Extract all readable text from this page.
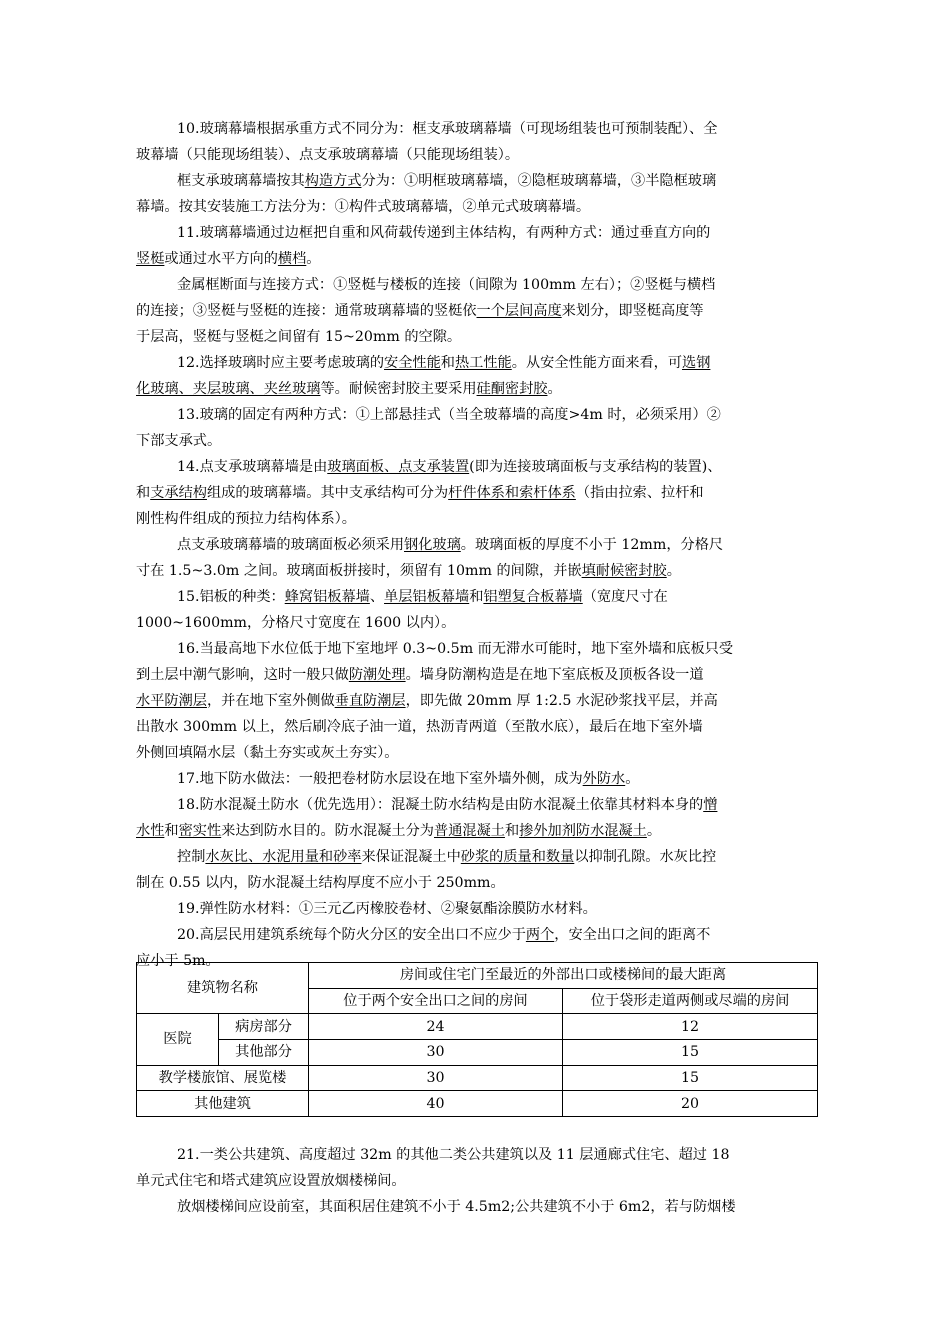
10.玻璃幕墙根据承重方式不同分为：框支承玻璃幕墙（可现场组装也可预制装配）、全

玻幕墙（只能现场组装）、点支承玻璃幕墙（只能现场组装）。

框支承玻璃幕墙按其构造方式分为：①明框玻璃幕墙，②隐框玻璃幕墙，③半隐框玻璃

幕墙。按其安装施工方法分为：①构件式玻璃幕墙，②单元式玻璃幕墙。

11.玻璃幕墙通过边框把自重和风荷载传递到主体结构，有两种方式：通过垂直方向的

竖梃或通过水平方向的横档。

金属框断面与连接方式：①竖梃与楼板的连接（间隙为 100mm 左右）；②竖梃与横档

的连接；③竖梃与竖梃的连接：通常玻璃幕墙的竖梃依一个层间高度来划分，即竖梃高度等

于层高，竖梃与竖梃之间留有 15~20mm 的空隙。

12.选择玻璃时应主要考虑玻璃的安全性能和热工性能。从安全性能方面来看，可选钢

化玻璃、夹层玻璃、夹丝玻璃等。耐候密封胶主要采用硅酮密封胶。

13.玻璃的固定有两种方式：①上部悬挂式（当全玻幕墙的高度>4m 时，必须采用）②

下部支承式。

14.点支承玻璃幕墙是由玻璃面板、点支承装置(即为连接玻璃面板与支承结构的装置)、

和支承结构组成的玻璃幕墙。其中支承结构可分为杆件体系和索杆体系（指由拉索、拉杆和

刚性构件组成的预拉力结构体系）。

点支承玻璃幕墙的玻璃面板必须采用钢化玻璃。玻璃面板的厚度不小于 12mm，分格尺

寸在 1.5~3.0m 之间。玻璃面板拼接时，须留有 10mm 的间隙，并嵌填耐候密封胶。

15.铝板的种类：蜂窝铝板幕墙、单层铝板幕墙和铝塑复合板幕墙（宽度尺寸在

1000~1600mm，分格尺寸宽度在 1600 以内）。

16.当最高地下水位低于地下室地坪 0.3~0.5m 而无滞水可能时，地下室外墙和底板只受

到土层中潮气影响，这时一般只做防潮处理。墙身防潮构造是在地下室底板及顶板各设一道

水平防潮层，并在地下室外侧做垂直防潮层，即先做 20mm 厚 1:2.5 水泥砂浆找平层，并高

出散水 300mm 以上，然后刷冷底子油一道，热沥青两道（至散水底），最后在地下室外墙

外侧回填隔水层（黏土夯实或灰土夯实）。

17.地下防水做法：一般把卷材防水层设在地下室外墙外侧，成为外防水。

18.防水混凝土防水（优先选用）：混凝土防水结构是由防水混凝土依靠其材料本身的憎

水性和密实性来达到防水目的。防水混凝土分为普通混凝土和掺外加剂防水混凝土。

控制水灰比、水泥用量和砂率来保证混凝土中砂浆的质量和数量以抑制孔隙。水灰比控

制在 0.55 以内，防水混凝土结构厚度不应小于 250mm。

19.弹性防水材料：①三元乙丙橡胶卷材、②聚氨酯涂膜防水材料。

20.高层民用建筑系统每个防火分区的安全出口不应少于两个，安全出口之间的距离不

应小于 5m。

21.一类公共建筑、高度超过 32m 的其他二类公共建筑以及 11 层通廊式住宅、超过 18

单元式住宅和塔式建筑应设置放烟楼梯间。

放烟楼梯间应设前室，其面积居住建筑不小于 4.5m2;公共建筑不小于 6m2，若与防烟楼

建筑物名称		房间或住宅门至最近的外部出口或楼梯间的最大距离	
		位于两个安全出口之间的房间	位于袋形走道两侧或尽端的房间
医院	病房部分	24	12
	其他部分	30	15
教学楼旅馆、展览楼		30	15
其他建筑		40	20
